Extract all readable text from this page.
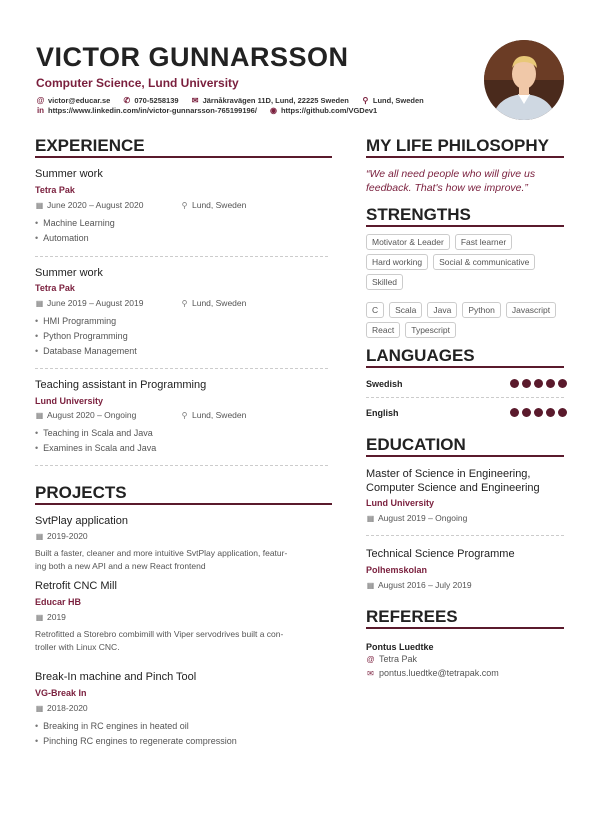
VICTOR GUNNARSSON
Computer Science, Lund University
@ victor@educar.se ✆ 070-5258139 ✉ Järnåkravägen 11D, Lund, 22225 Sweden ⚲ Lund, Sweden
in https://www.linkedin.com/in/victor-gunnarsson-765199196/ ◉ https://github.com/VGDev1
EXPERIENCE
Summer work
Tetra Pak
▦ June 2020 – August 2020	⚲ Lund, Sweden
• Machine Learning
• Automation
Summer work
Tetra Pak
▦ June 2019 – August 2019	⚲ Lund, Sweden
• HMI Programming
• Python Programming
• Database Management
Teaching assistant in Programming
Lund University
▦ August 2020 – Ongoing	⚲ Lund, Sweden
• Teaching in Scala and Java
• Examines in Scala and Java
PROJECTS
SvtPlay application
▦ 2019-2020
Built a faster, cleaner and more intuitive SvtPlay application, featur-
ing both a new API and a new React frontend
Retrofit CNC Mill
Educar HB
▦ 2019
Retrofitted a Storebro combimill with Viper servodrives built a con-
troller with Linux CNC.
Break-In machine and Pinch Tool
VG-Break In
▦ 2018-2020
• Breaking in RC engines in heated oil
• Pinching RC engines to regenerate compression
MY LIFE PHILOSOPHY
“We all need people who will give us feedback. That's how we improve.”
STRENGTHS
Motivator & Leader	Fast learner
Hard working	Social & communicative
Skilled
C	Scala	Java	Python	Javascript
React	Typescript
LANGUAGES
Swedish
English
EDUCATION
Master of Science in Engineering,
Computer Science and Engineering
Lund University
▦ August 2019 – Ongoing
Technical Science Programme
Polhemskolan
▦ August 2016 – July 2019
REFEREES
Pontus Luedtke
@ Tetra Pak
✉ pontus.luedtke@tetrapak.com
